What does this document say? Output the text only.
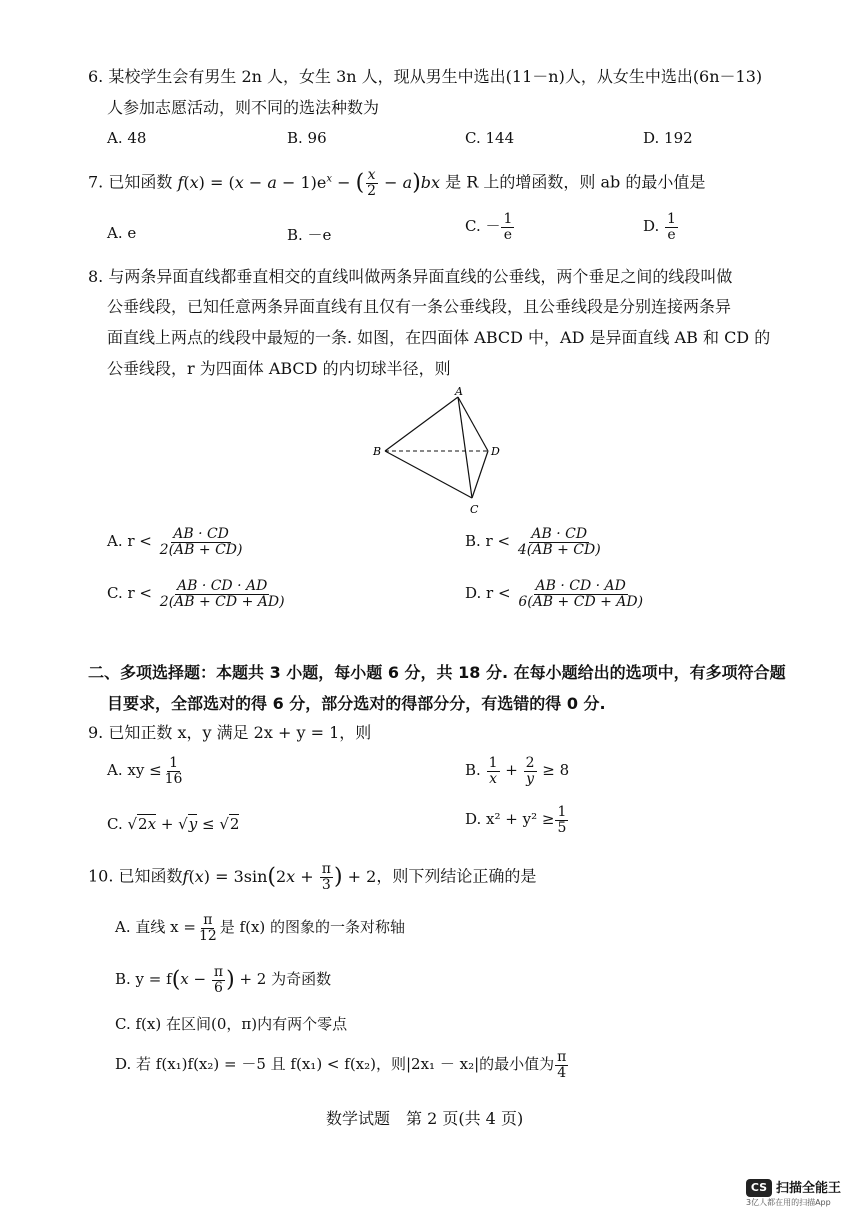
6. 某校学生会有男生 2n 人，女生 3n 人，现从男生中选出(11－n)人，从女生中选出(6n－13)
人参加志愿活动，则不同的选法种数为
A. 48	B. 96	C. 144	D. 192
7. 已知函数 $f(x) = (x - a - 1)e^x$ − ( $\frac{x}{2} - a)bx$ 是 R 上的增函数，则 ab 的最小值是
A. e	B. －e	C. － $\frac{1}{e}$	D. $\frac{1}{e}$
8. 与两条异面直线都垂直相交的直线叫做两条异面直线的公垂线，两个垂足之间的线段叫做
公垂线段，已知任意两条异面直线有且仅有一条公垂线段，且公垂线段是分别连接两条异
面直线上两点的线段中最短的一条. 如图，在四面体 ABCD 中，AD 是异面直线 AB 和 CD 的
公垂线段，r 为四面体 ABCD 的内切球半径，则
A
B
C
D
A. $r < \frac{AB \cdot CD}{2(AB + CD)}$	B. $r < \frac{AB \cdot CD}{4(AB + CD)}$
C. $r < \frac{AB \cdot CD \cdot AD}{2(AB + CD + AD)}$	D. $r < \frac{AB \cdot CD \cdot AD}{6(AB + CD + AD)}$
二、多项选择题：本题共 3 小题，每小题 6 分，共 18 分. 在每小题给出的选项中，有多项符合题
目要求，全部选对的得 6 分，部分选对的得部分分，有选错的得 0 分.
9. 已知正数 x，y 满足 2x + y = 1，则
A. xy ≤ $\frac{1}{16}$	B. $\frac{1}{x} + \frac{2}{y} \ge 8$
C. √2x + √y ≤ √2	D. $x^2 + y^2 \ge \frac{1}{5}$
10. 已知函数$f(x) = 3\sin(2x + \frac{\pi}{3}$ ) + 2，则下列结论正确的是
A. 直线 $x = \frac{\pi}{12}$ 是 f(x) 的图象的一条对称轴
B. $y = f(x - \frac{\pi}{6}$ ) + 2 为奇函数
C. f(x) 在区间(0，π)内有两个零点
D. 若 f(x₁)f(x₂) = －5 且 f(x₁) < f(x₂)，则|2x₁ － x₂|的最小值为 $\frac{\pi}{4}$
数学试题　第 2 页(共 4 页)
CS 扫描全能王
3亿人都在用的扫描App
